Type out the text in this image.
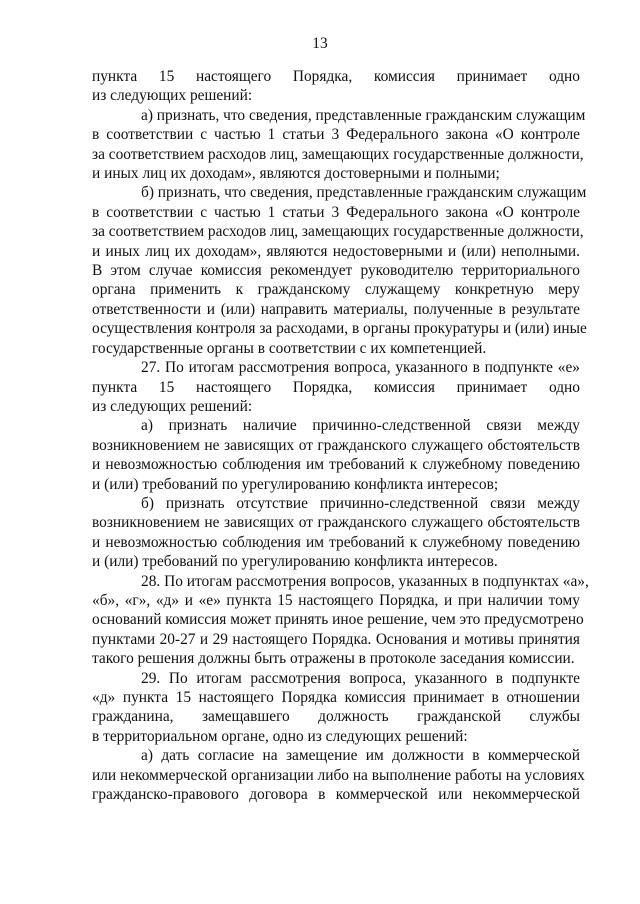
13
пункта 15 настоящего Порядка, комиссия принимает одно
из следующих решений:
а) признать, что сведения, представленные гражданским служащим
в соответствии с частью 1 статьи 3 Федерального закона «О контроле
за соответствием расходов лиц, замещающих государственные должности,
и иных лиц их доходам», являются достоверными и полными;
б) признать, что сведения, представленные гражданским служащим
в соответствии с частью 1 статьи 3 Федерального закона «О контроле
за соответствием расходов лиц, замещающих государственные должности,
и иных лиц их доходам», являются недостоверными и (или) неполными.
В этом случае комиссия рекомендует руководителю территориального
органа применить к гражданскому служащему конкретную меру
ответственности и (или) направить материалы, полученные в результате
осуществления контроля за расходами, в органы прокуратуры и (или) иные
государственные органы в соответствии с их компетенцией.
27. По итогам рассмотрения вопроса, указанного в подпункте «е»
пункта 15 настоящего Порядка, комиссия принимает одно
из следующих решений:
а) признать наличие причинно-следственной связи между
возникновением не зависящих от гражданского служащего обстоятельств
и невозможностью соблюдения им требований к служебному поведению
и (или) требований по урегулированию конфликта интересов;
б) признать отсутствие причинно-следственной связи между
возникновением не зависящих от гражданского служащего обстоятельств
и невозможностью соблюдения им требований к служебному поведению
и (или) требований по урегулированию конфликта интересов.
28. По итогам рассмотрения вопросов, указанных в подпунктах «а»,
«б», «г», «д» и «е» пункта 15 настоящего Порядка, и при наличии тому
оснований комиссия может принять иное решение, чем это предусмотрено
пунктами 20-27 и 29 настоящего Порядка. Основания и мотивы принятия
такого решения должны быть отражены в протоколе заседания комиссии.
29. По итогам рассмотрения вопроса, указанного в подпункте
«д» пункта 15 настоящего Порядка комиссия принимает в отношении
гражданина, замещавшего должность гражданской службы
в территориальном органе, одно из следующих решений:
а) дать согласие на замещение им должности в коммерческой
или некоммерческой организации либо на выполнение работы на условиях
гражданско-правового договора в коммерческой или некоммерческой
